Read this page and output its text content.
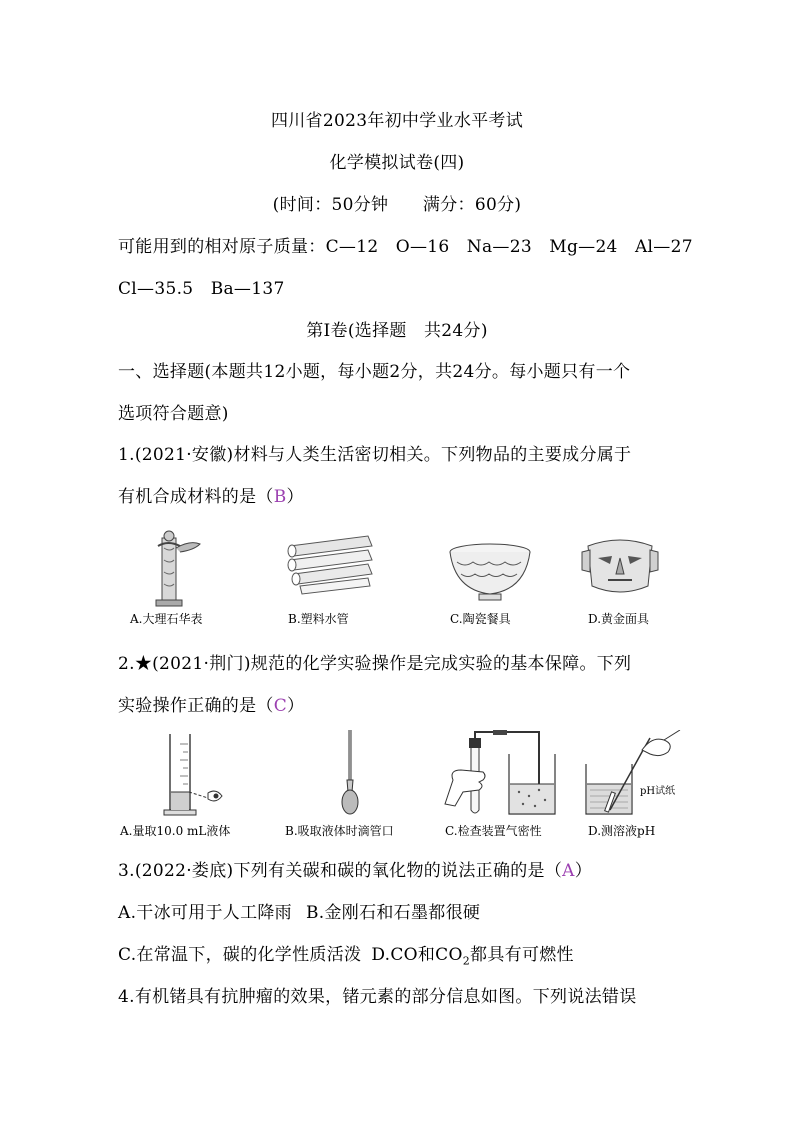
四川省2023年初中学业水平考试
化学模拟试卷(四)
(时间：50分钟　　满分：60分)
可能用到的相对原子质量：C—12　O—16　Na—23　Mg—24　Al—27
Cl—35.5　Ba—137
第Ⅰ卷(选择题　共24分)
一、选择题(本题共12小题，每小题2分，共24分。每小题只有一个
选项符合题意)
1.(2021·安徽)材料与人类生活密切相关。下列物品的主要成分属于
有机合成材料的是（B）
A.大理石华表	B.塑料水管	C.陶瓷餐具	D.黄金面具
2.★(2021·荆门)规范的化学实验操作是完成实验的基本保障。下列
实验操作正确的是（C）
A.量取10.0 mL液体	B.吸取液体时滴管口	C.检查装置气密性
pH试纸
D.测溶液pH
3.(2022·娄底)下列有关碳和碳的氧化物的说法正确的是（A）
A.干冰可用于人工降雨 B.金刚石和石墨都很硬
C.在常温下，碳的化学性质活泼 D.CO和$CO_2$都具有可燃性
4.有机锗具有抗肿瘤的效果，锗元素的部分信息如图。下列说法错误
